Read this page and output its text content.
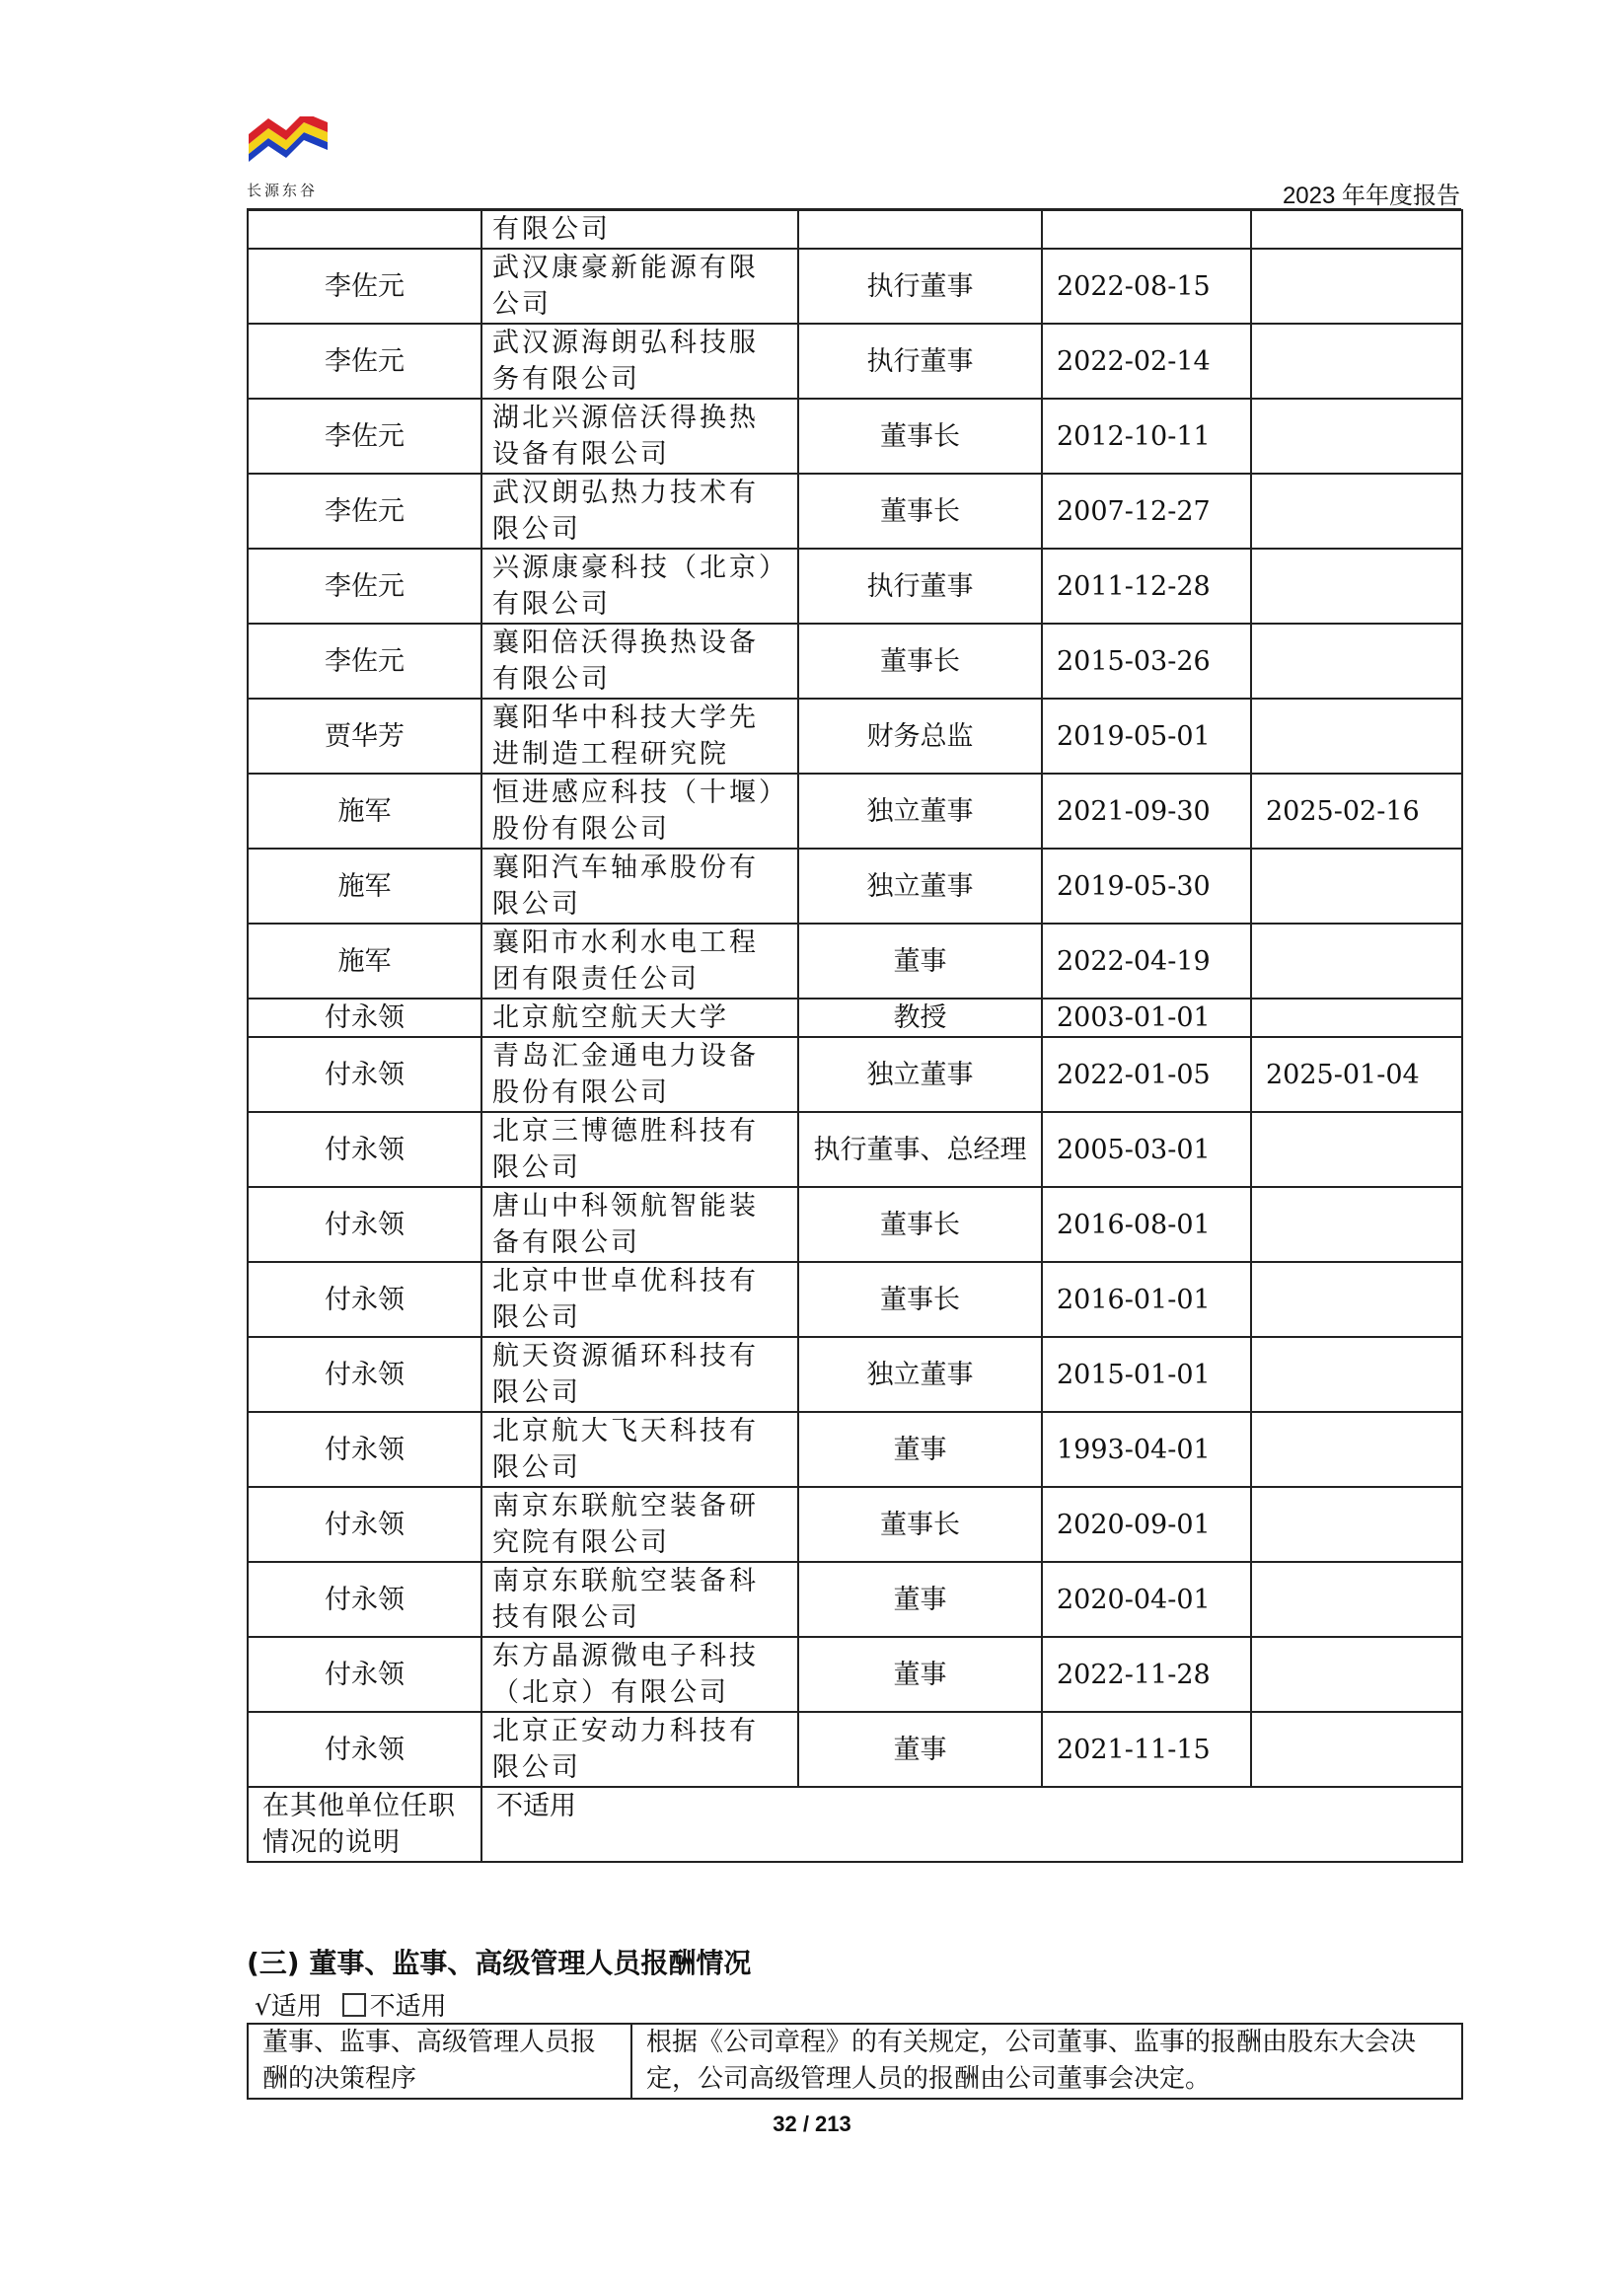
长源东谷	2023 年年度报告
	有限公司			
李佐元	武汉康豪新能源有限公司	执行董事	2022-08-15	
李佐元	武汉源海朗弘科技服务有限公司	执行董事	2022-02-14	
李佐元	湖北兴源倍沃得换热设备有限公司	董事长	2012-10-11	
李佐元	武汉朗弘热力技术有限公司	董事长	2007-12-27	
李佐元	兴源康豪科技（北京）有限公司	执行董事	2011-12-28	
李佐元	襄阳倍沃得换热设备有限公司	董事长	2015-03-26	
贾华芳	襄阳华中科技大学先进制造工程研究院	财务总监	2019-05-01	
施军	恒进感应科技（十堰）股份有限公司	独立董事	2021-09-30	2025-02-16
施军	襄阳汽车轴承股份有限公司	独立董事	2019-05-30	
施军	襄阳市水利水电工程团有限责任公司	董事	2022-04-19	
付永领	北京航空航天大学	教授	2003-01-01	
付永领	青岛汇金通电力设备股份有限公司	独立董事	2022-01-05	2025-01-04
付永领	北京三博德胜科技有限公司	执行董事、总经理	2005-03-01	
付永领	唐山中科领航智能装备有限公司	董事长	2016-08-01	
付永领	北京中世卓优科技有限公司	董事长	2016-01-01	
付永领	航天资源循环科技有限公司	独立董事	2015-01-01	
付永领	北京航大飞天科技有限公司	董事	1993-04-01	
付永领	南京东联航空装备研究院有限公司	董事长	2020-09-01	
付永领	南京东联航空装备科技有限公司	董事	2020-04-01	
付永领	东方晶源微电子科技（北京）有限公司	董事	2022-11-28	
付永领	北京正安动力科技有限公司	董事	2021-11-15	
在其他单位任职情况的说明	不适用			
(三) 董事、监事、高级管理人员报酬情况
√适用 不适用
董事、监事、高级管理人员报酬的决策程序	根据《公司章程》的有关规定，公司董事、监事的报酬由股东大会决定，公司高级管理人员的报酬由公司董事会决定。
32 / 213
